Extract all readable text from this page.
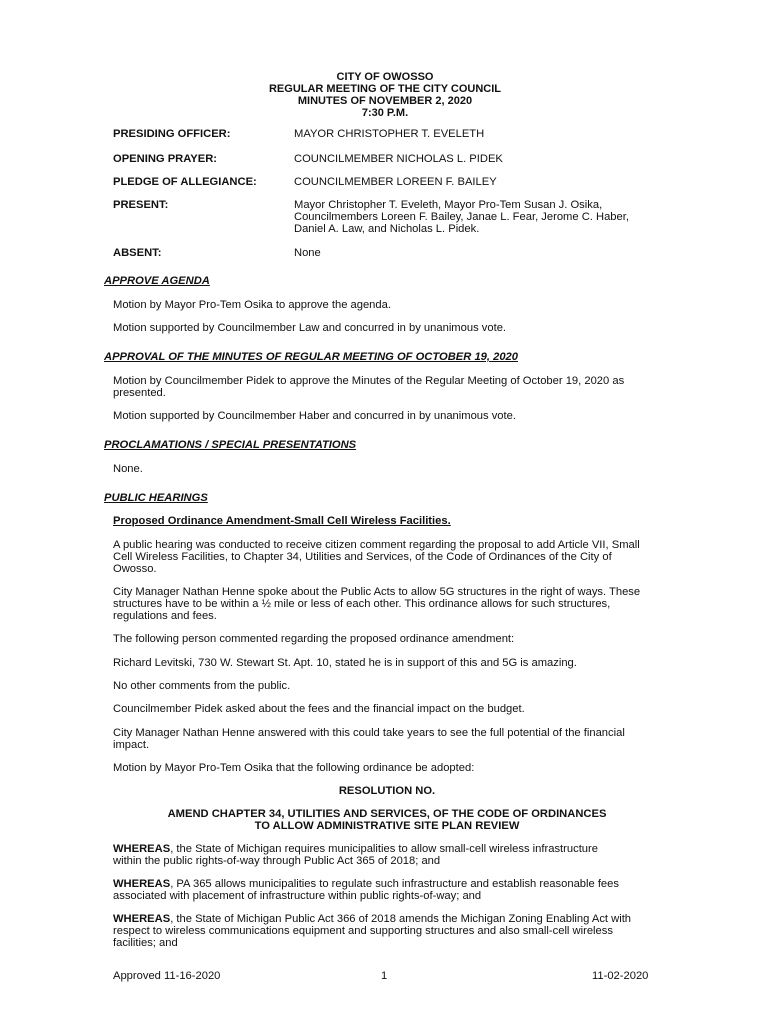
CITY OF OWOSSO
REGULAR MEETING OF THE CITY COUNCIL
MINUTES OF NOVEMBER 2, 2020
7:30 P.M.
PRESIDING OFFICER:	MAYOR CHRISTOPHER T. EVELETH
OPENING PRAYER:	COUNCILMEMBER NICHOLAS L. PIDEK
PLEDGE OF ALLEGIANCE:	COUNCILMEMBER LOREEN F. BAILEY
PRESENT:	Mayor Christopher T. Eveleth, Mayor Pro-Tem Susan J. Osika, Councilmembers Loreen F. Bailey, Janae L. Fear, Jerome C. Haber, Daniel A. Law, and Nicholas L. Pidek.
ABSENT:	None
APPROVE AGENDA
Motion by Mayor Pro-Tem Osika to approve the agenda.
Motion supported by Councilmember Law and concurred in by unanimous vote.
APPROVAL OF THE MINUTES OF REGULAR MEETING OF OCTOBER 19, 2020
Motion by Councilmember Pidek to approve the Minutes of the Regular Meeting of October 19, 2020 as presented.
Motion supported by Councilmember Haber and concurred in by unanimous vote.
PROCLAMATIONS / SPECIAL PRESENTATIONS
None.
PUBLIC HEARINGS
Proposed Ordinance Amendment-Small Cell Wireless Facilities.
A public hearing was conducted to receive citizen comment regarding the proposal to add Article VII, Small Cell Wireless Facilities, to Chapter 34, Utilities and Services, of the Code of Ordinances of the City of Owosso.
City Manager Nathan Henne spoke about the Public Acts to allow 5G structures in the right of ways. These structures have to be within a ½ mile or less of each other. This ordinance allows for such structures, regulations and fees.
The following person commented regarding the proposed ordinance amendment:
Richard Levitski, 730 W. Stewart St. Apt. 10, stated he is in support of this and 5G is amazing.
No other comments from the public.
Councilmember Pidek asked about the fees and the financial impact on the budget.
City Manager Nathan Henne answered with this could take years to see the full potential of the financial impact.
Motion by Mayor Pro-Tem Osika that the following ordinance be adopted:
RESOLUTION NO.
AMEND CHAPTER 34, UTILITIES AND SERVICES, OF THE CODE OF ORDINANCES
TO ALLOW ADMINISTRATIVE SITE PLAN REVIEW
WHEREAS, the State of Michigan requires municipalities to allow small-cell wireless infrastructure within the public rights-of-way through Public Act 365 of 2018; and
WHEREAS, PA 365 allows municipalities to regulate such infrastructure and establish reasonable fees associated with placement of infrastructure within public rights-of-way; and
WHEREAS, the State of Michigan Public Act 366 of 2018 amends the Michigan Zoning Enabling Act with respect to wireless communications equipment and supporting structures and also small-cell wireless facilities; and
Approved 11-16-2020	1	11-02-2020
